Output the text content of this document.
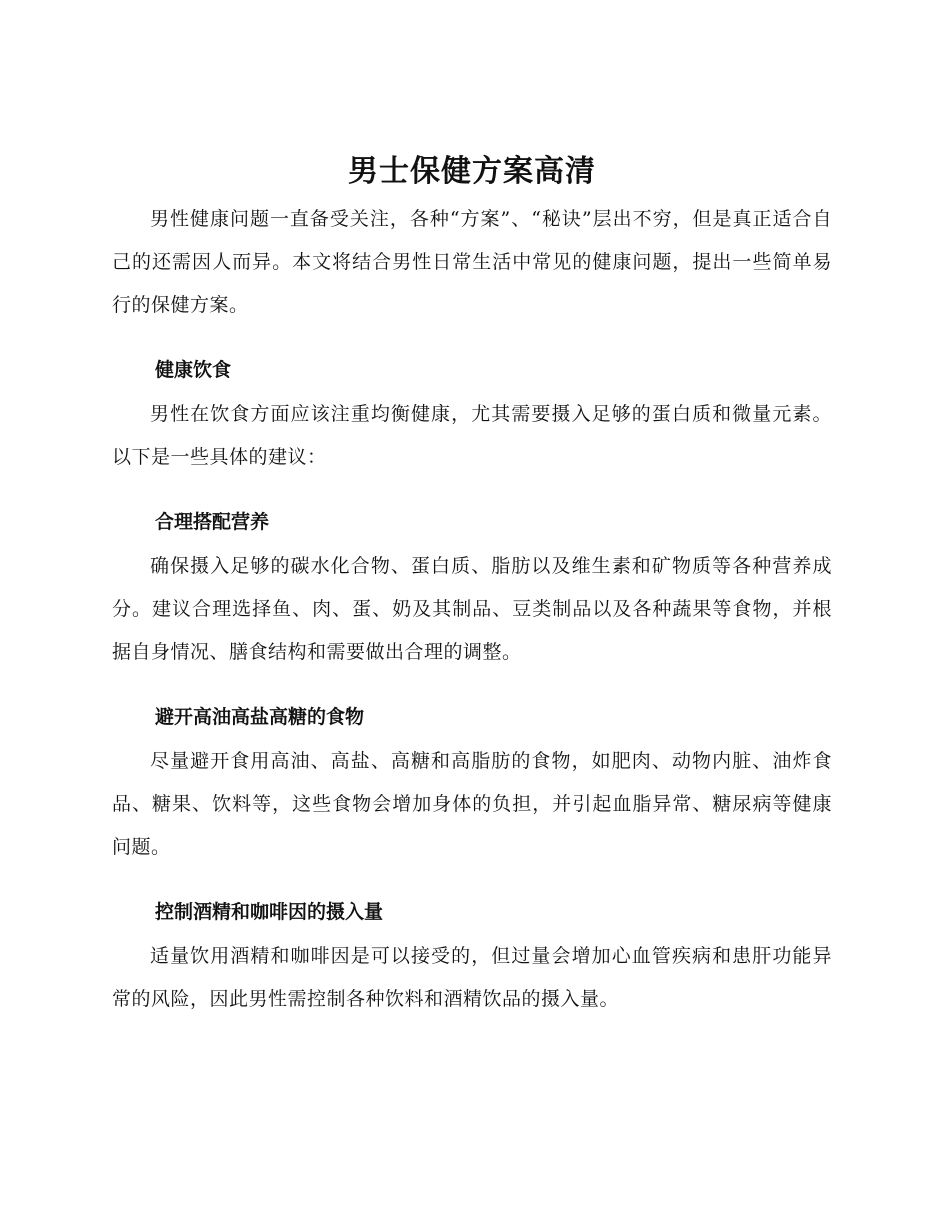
男士保健方案高清

男性健康问题一直备受关注，各种“方案”、“秘诀”层出不穷，但是真正适合自己的还需因人而异。本文将结合男性日常生活中常见的健康问题，提出一些简单易行的保健方案。

健康饮食

男性在饮食方面应该注重均衡健康，尤其需要摄入足够的蛋白质和微量元素。以下是一些具体的建议：

合理搭配营养

确保摄入足够的碳水化合物、蛋白质、脂肪以及维生素和矿物质等各种营养成分。建议合理选择鱼、肉、蛋、奶及其制品、豆类制品以及各种蔬果等食物，并根据自身情况、膳食结构和需要做出合理的调整。

避开高油高盐高糖的食物

尽量避开食用高油、高盐、高糖和高脂肪的食物，如肥肉、动物内脏、油炸食品、糖果、饮料等，这些食物会增加身体的负担，并引起血脂异常、糖尿病等健康问题。

控制酒精和咖啡因的摄入量

适量饮用酒精和咖啡因是可以接受的，但过量会增加心血管疾病和患肝功能异常的风险，因此男性需控制各种饮料和酒精饮品的摄入量。
